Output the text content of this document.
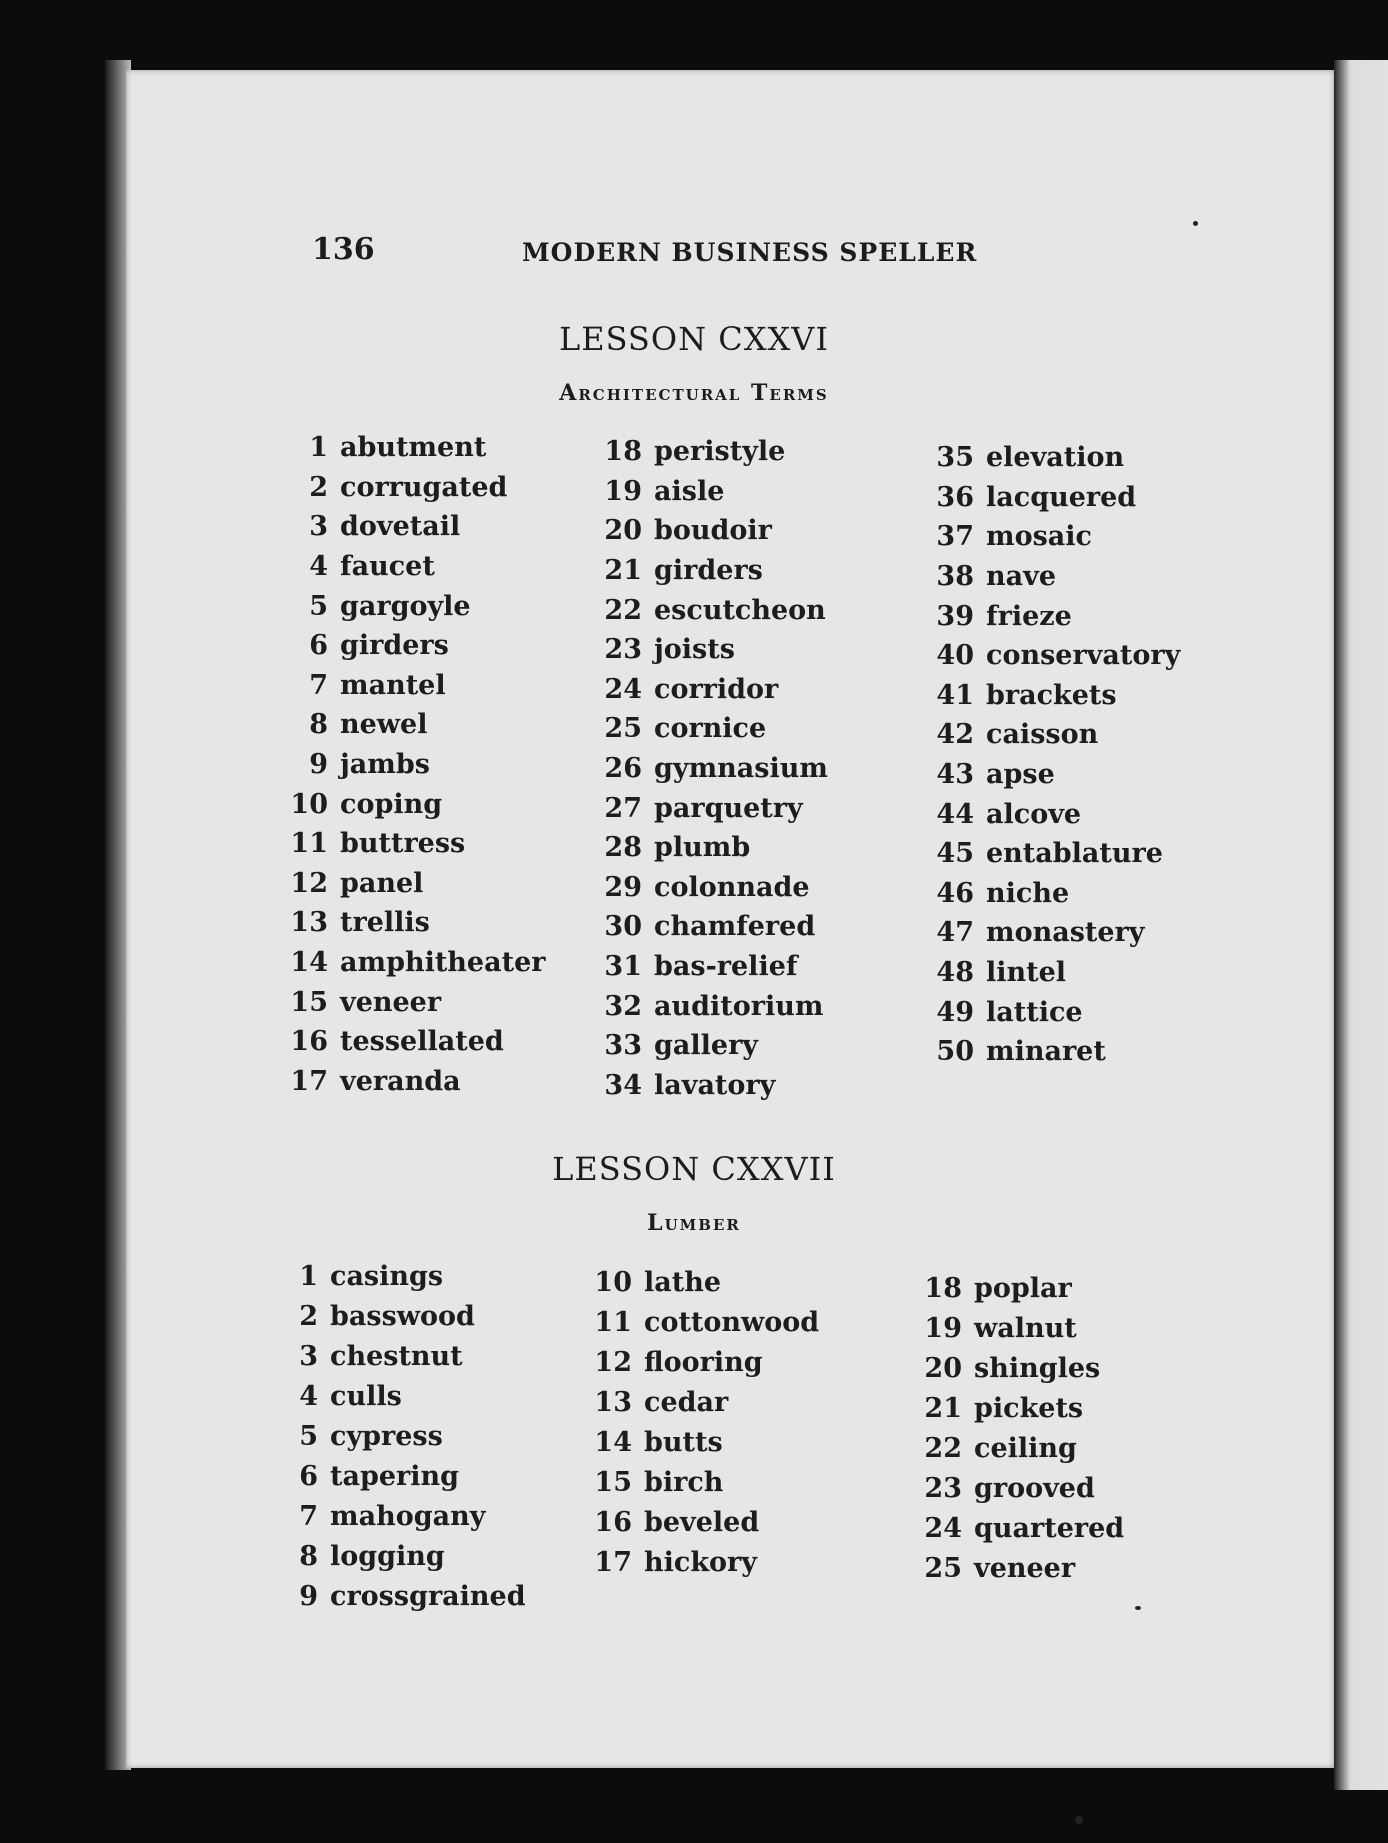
136	MODERN BUSINESS SPELLER
LESSON CXXVI
Architectural Terms
1 abutment
2 corrugated
3 dovetail
4 faucet
5 gargoyle
6 girders
7 mantel
8 newel
9 jambs
10 coping
11 buttress
12 panel
13 trellis
14 amphitheater
15 veneer
16 tessellated
17 veranda
18 peristyle
19 aisle
20 boudoir
21 girders
22 escutcheon
23 joists
24 corridor
25 cornice
26 gymnasium
27 parquetry
28 plumb
29 colonnade
30 chamfered
31 bas-relief
32 auditorium
33 gallery
34 lavatory
35 elevation
36 lacquered
37 mosaic
38 nave
39 frieze
40 conservatory
41 brackets
42 caisson
43 apse
44 alcove
45 entablature
46 niche
47 monastery
48 lintel
49 lattice
50 minaret
LESSON CXXVII
Lumber
1 casings
2 basswood
3 chestnut
4 culls
5 cypress
6 tapering
7 mahogany
8 logging
9 crossgrained
10 lathe
11 cottonwood
12 flooring
13 cedar
14 butts
15 birch
16 beveled
17 hickory
18 poplar
19 walnut
20 shingles
21 pickets
22 ceiling
23 grooved
24 quartered
25 veneer
